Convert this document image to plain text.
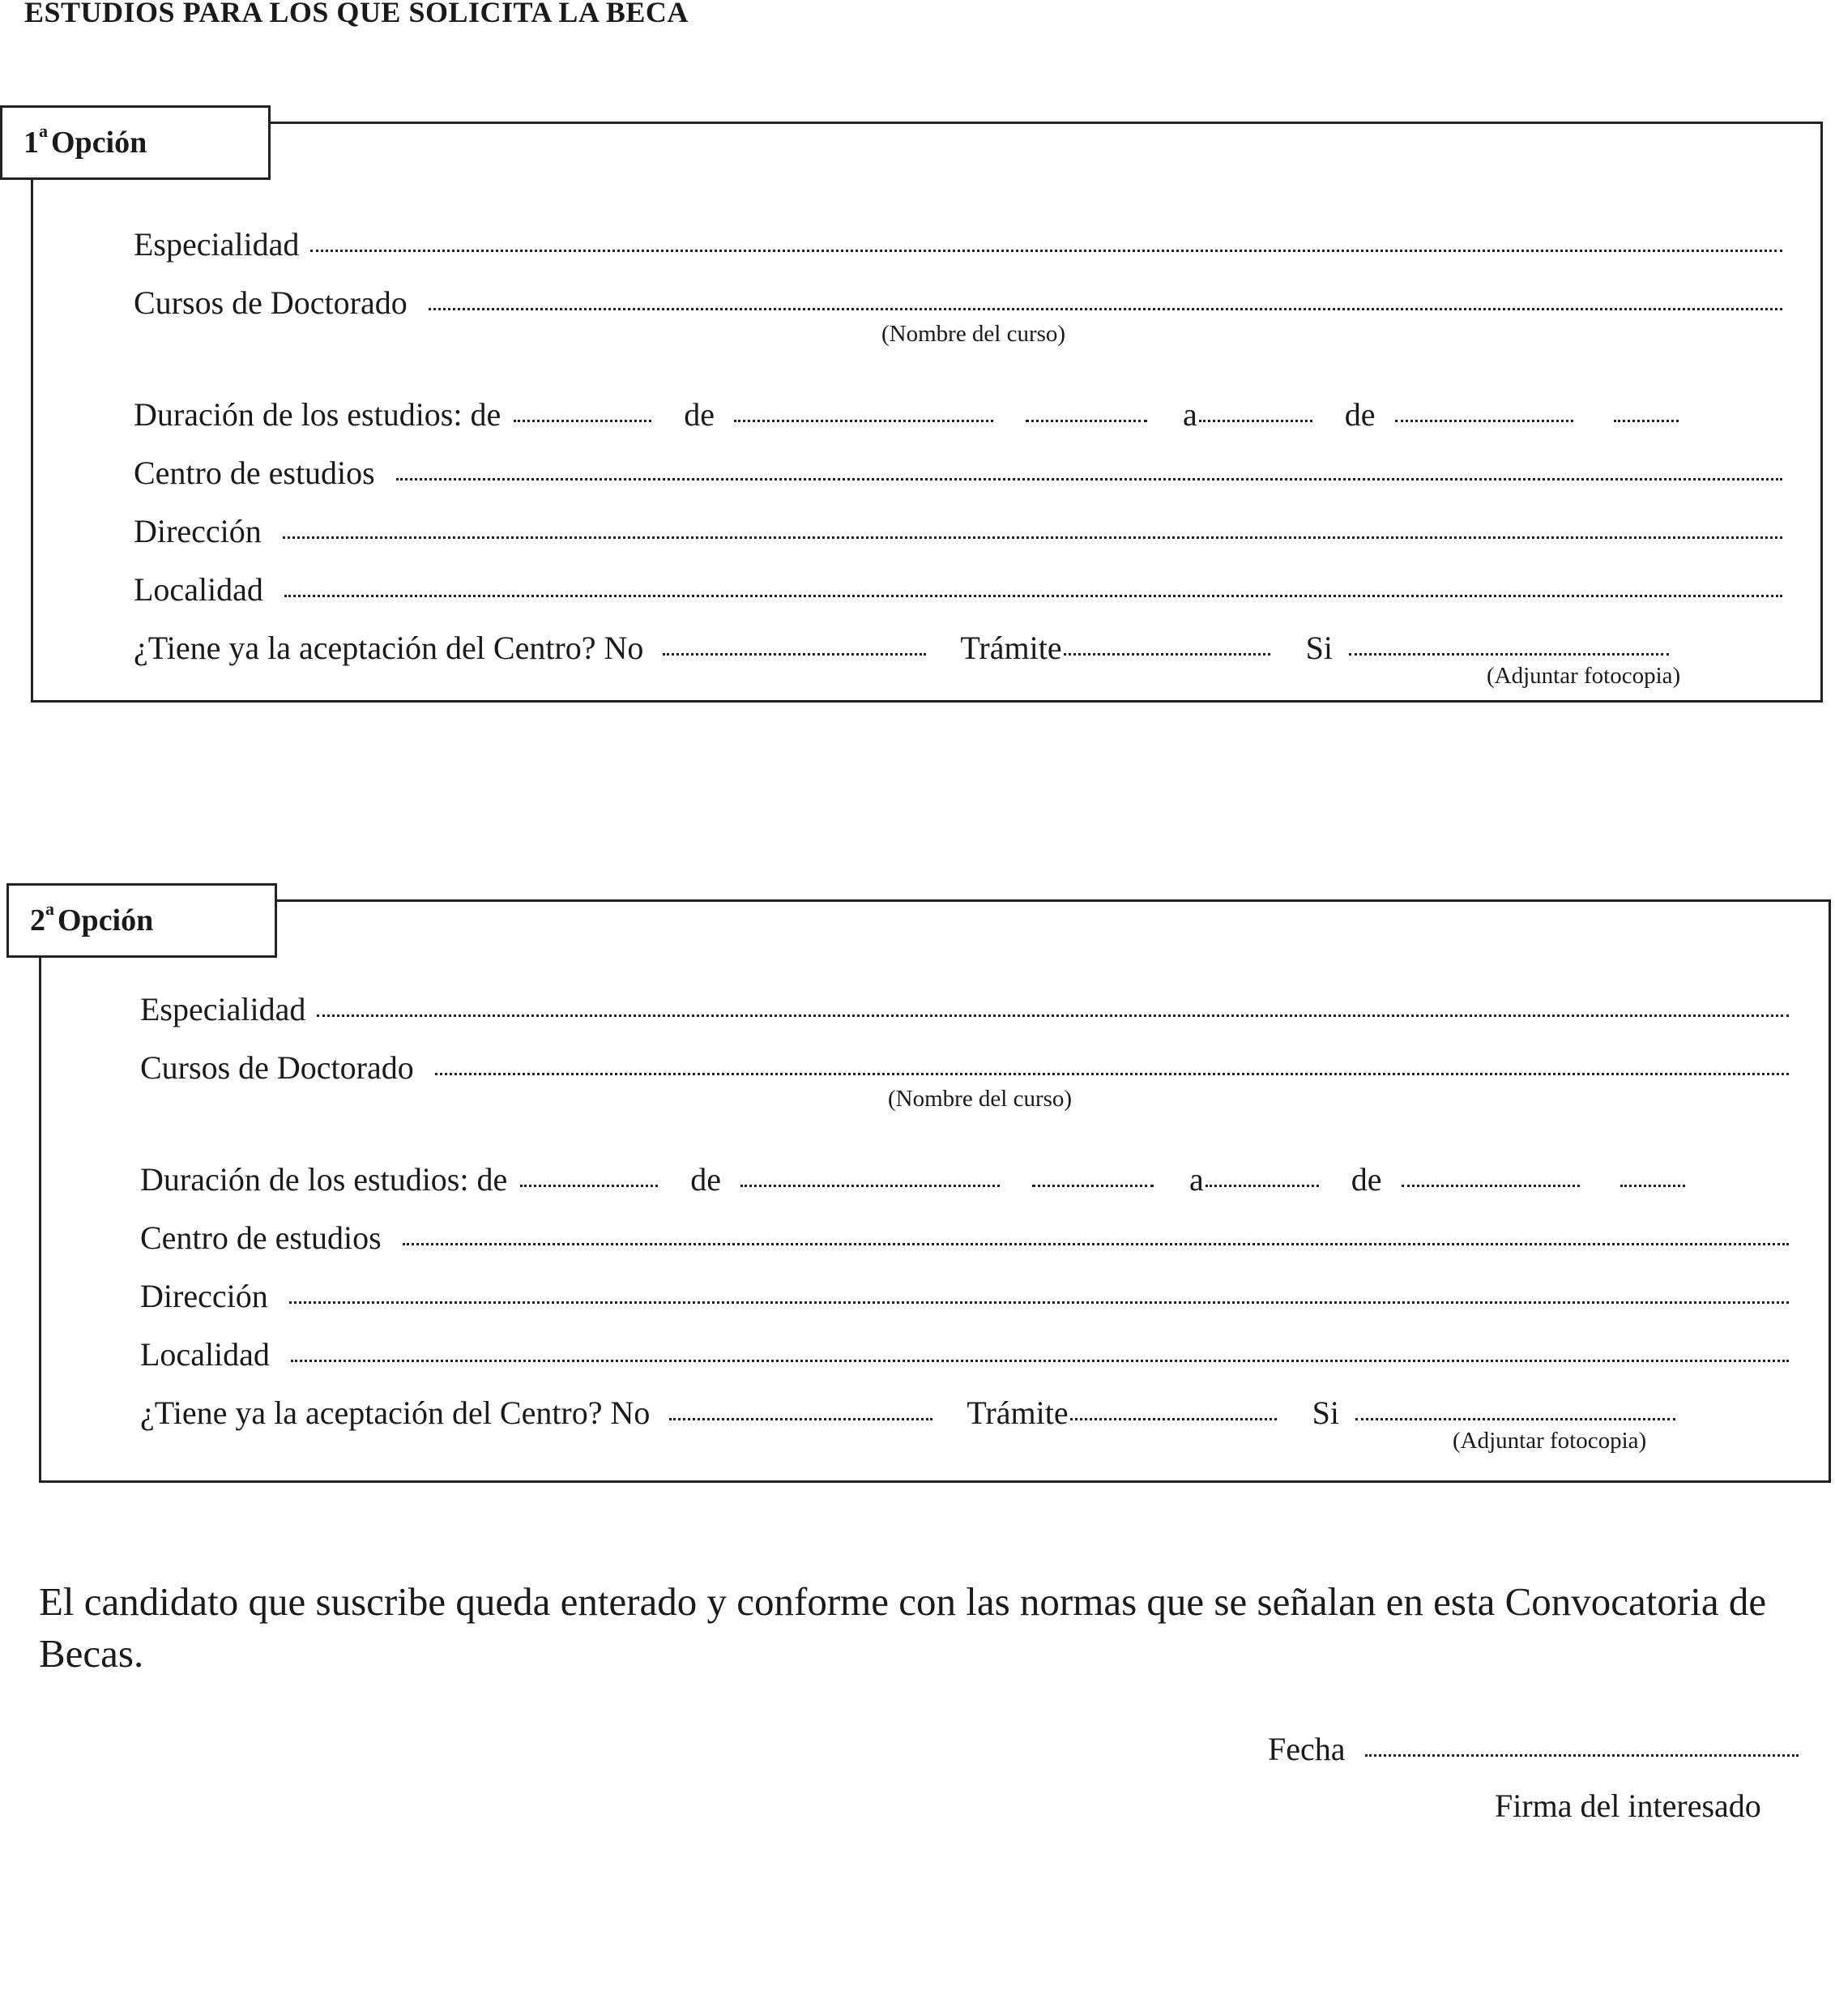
ESTUDIOS PARA LOS QUE SOLICITA LA BECA
1$^a$ Opción
Especialidad
Cursos de Doctorado
(Nombre del curso)
Duración de los estudios: de	de	a	de
Centro de estudios
Dirección
Localidad
¿Tiene ya la aceptación del Centro? No	Trámite	Si
(Adjuntar fotocopia)
2$^a$ Opción
Especialidad
Cursos de Doctorado
(Nombre del curso)
Duración de los estudios: de	de	a	de
Centro de estudios
Dirección
Localidad
¿Tiene ya la aceptación del Centro? No	Trámite	Si
(Adjuntar fotocopia)
El candidato que suscribe queda enterado y conforme con las normas que se señalan en esta Convocatoria de Becas.
Fecha
Firma del interesado
